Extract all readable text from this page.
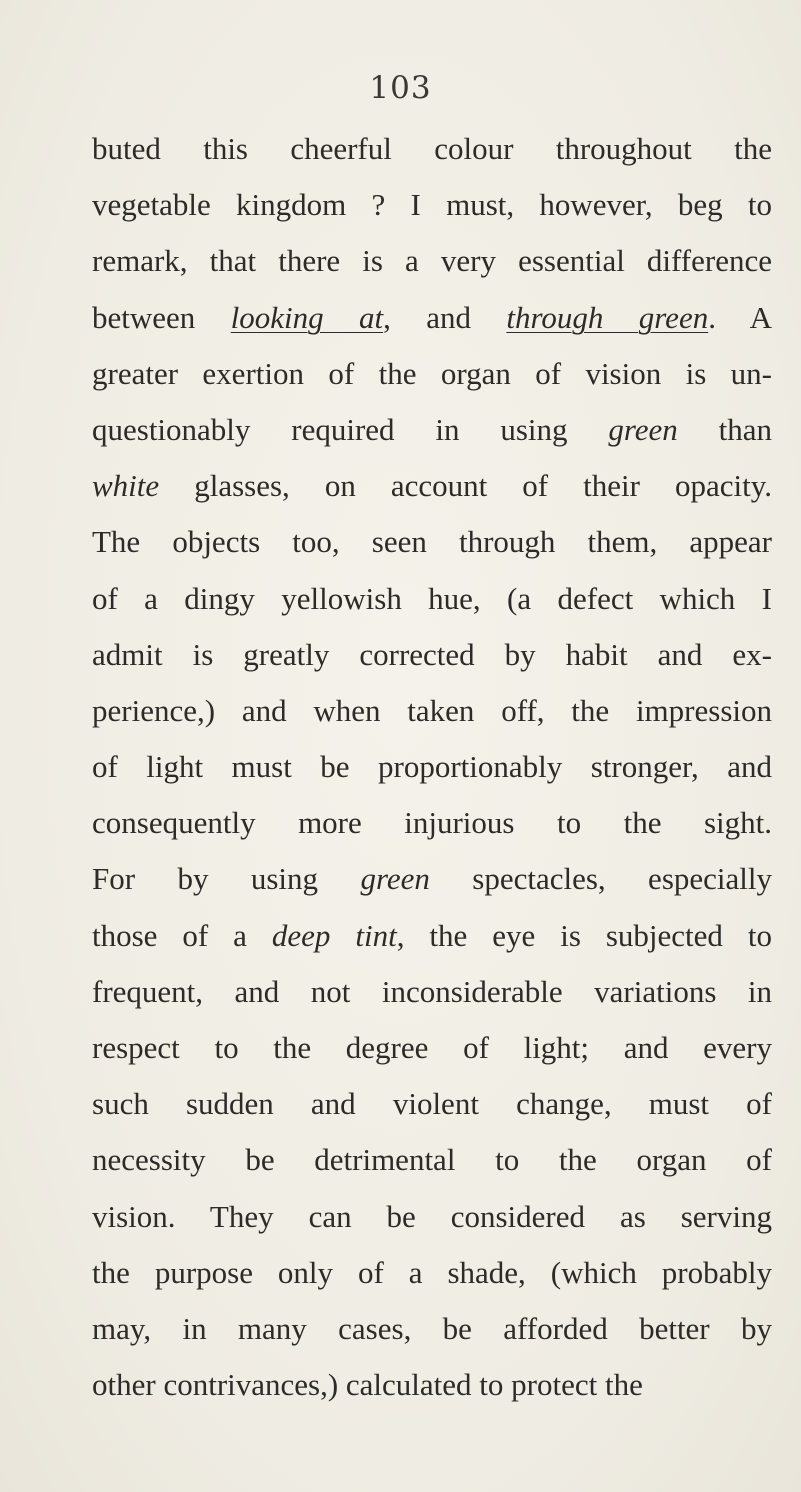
103
buted this cheerful colour throughout the
vegetable kingdom ? I must, however, beg to
remark, that there is a very essential difference
between looking at, and through green. A
greater exertion of the organ of vision is un-
questionably required in using green than
white glasses, on account of their opacity.
The objects too, seen through them, appear
of a dingy yellowish hue, (a defect which I
admit is greatly corrected by habit and ex-
perience,) and when taken off, the impression
of light must be proportionably stronger, and
consequently more injurious to the sight.
For by using green spectacles, especially
those of a deep tint, the eye is subjected to
frequent, and not inconsiderable variations in
respect to the degree of light; and every
such sudden and violent change, must of
necessity be detrimental to the organ of
vision. They can be considered as serving
the purpose only of a shade, (which probably
may, in many cases, be afforded better by
other contrivances,) calculated to protect the
